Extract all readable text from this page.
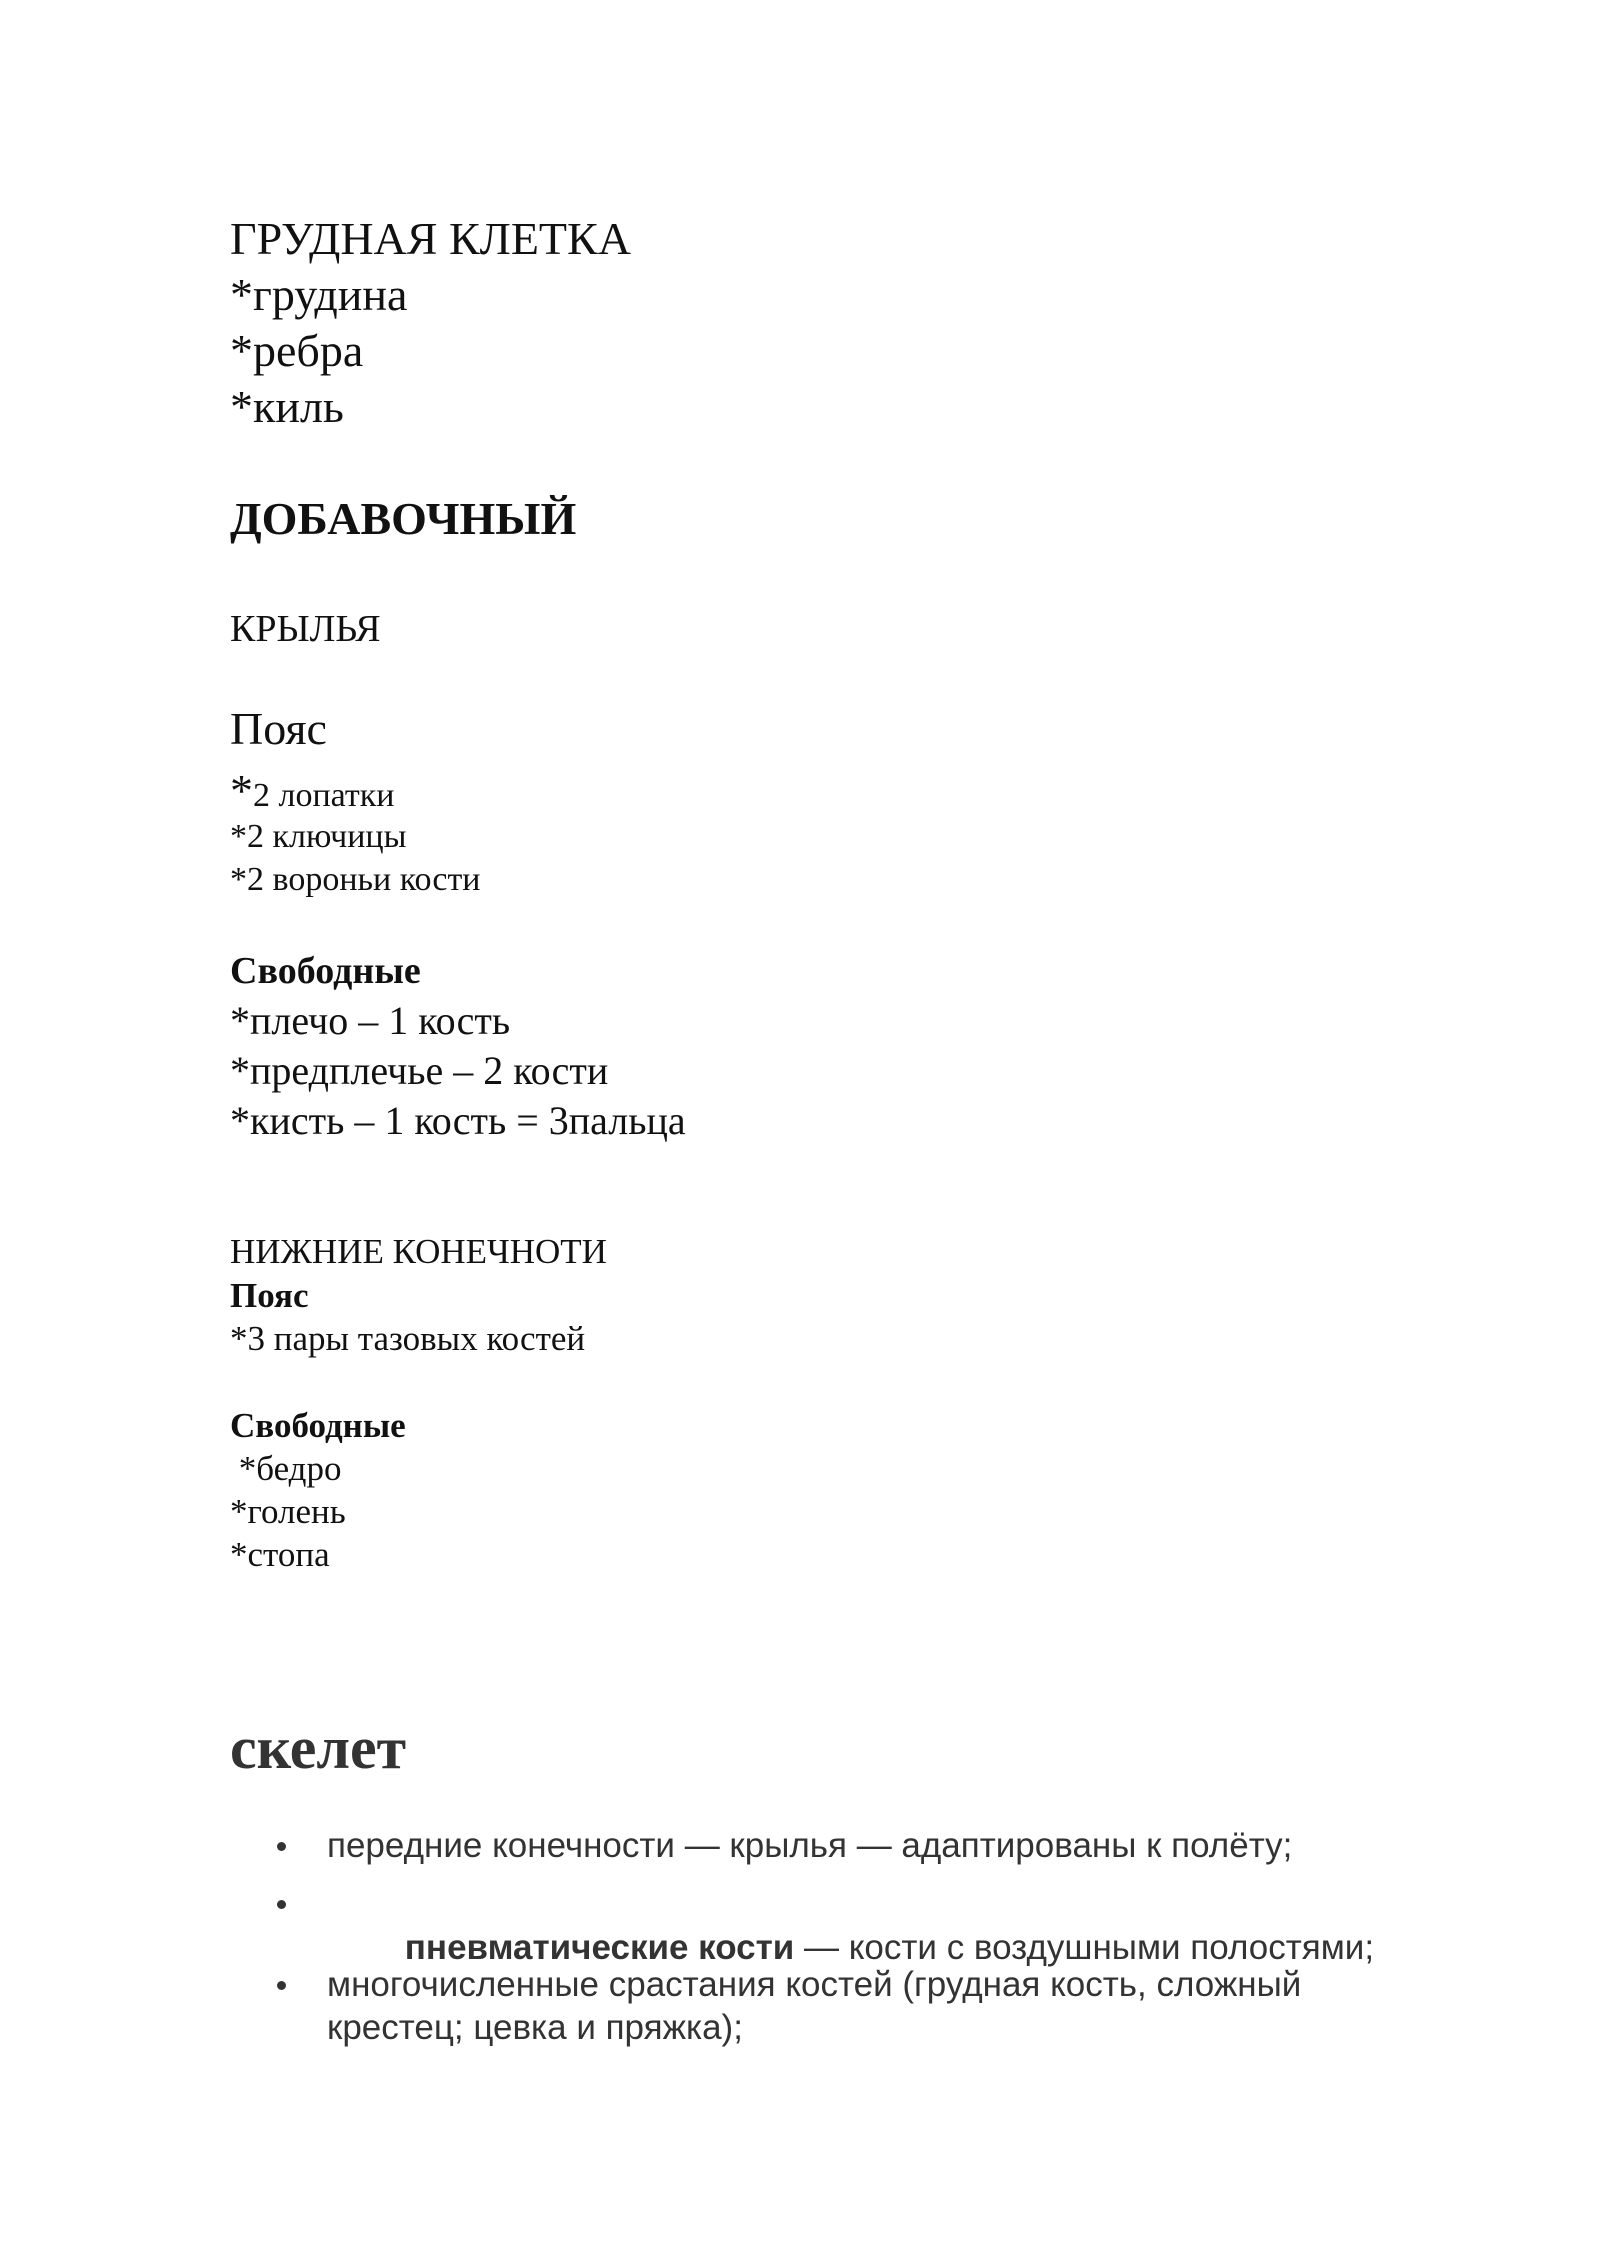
ГРУДНАЯ КЛЕТКА
*грудина
*ребра
*киль
ДОБАВОЧНЫЙ
КРЫЛЬЯ
Пояс
*2 лопатки
*2 ключицы
*2 вороньи кости
Свободные
*плечо – 1 кость
*предплечье – 2 кости
*кисть – 1 кость = 3пальца
НИЖНИЕ КОНЕЧНОТИ
Пояс
*3 пары тазовых костей
Свободные
*бедро
*голень
*стопа
скелет
передние конечности — крылья — адаптированы к полёту;

пневматические кости — кости с воздушными полостями;

многочисленные срастания костей (грудная кость, сложный
крестец; цевка и пряжка);
